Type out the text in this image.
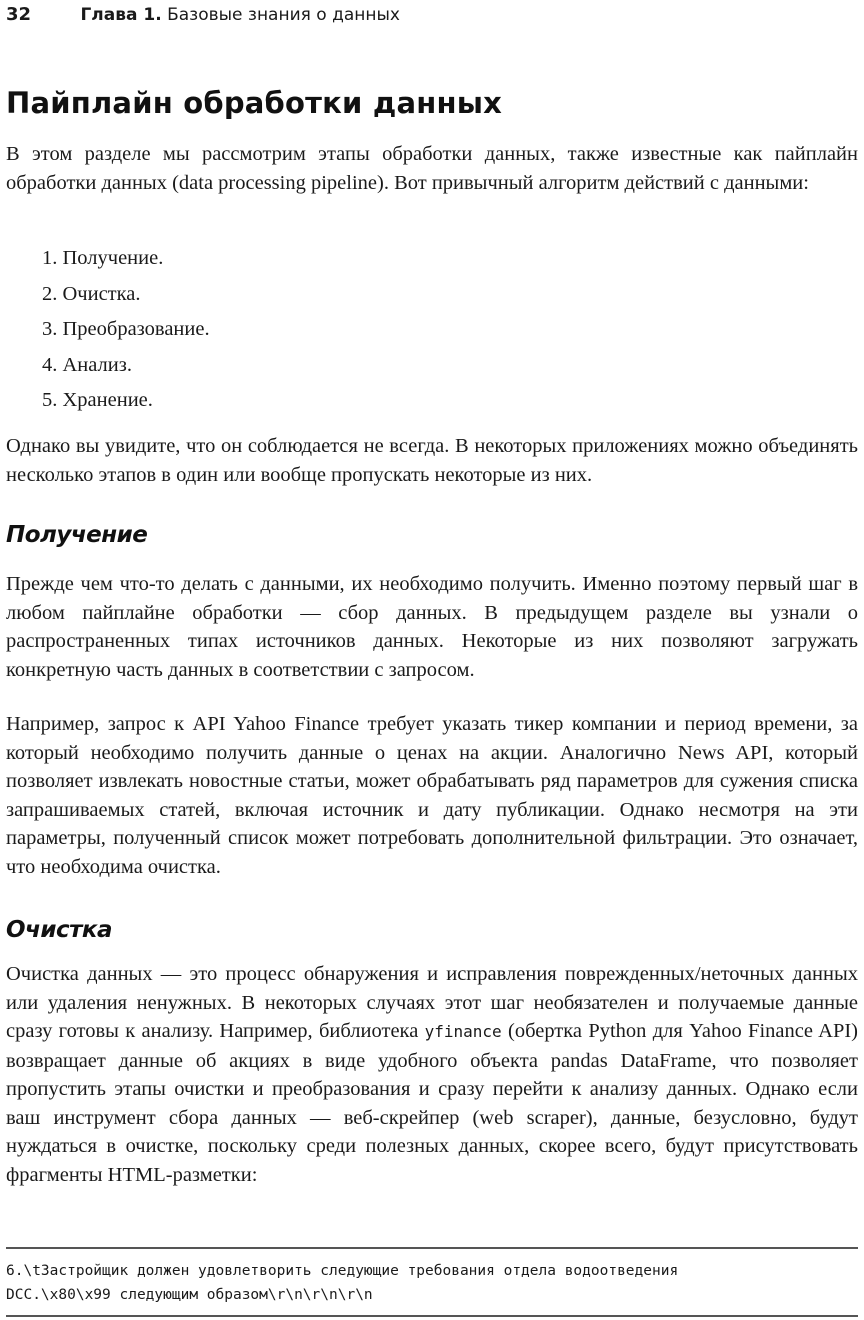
32	Глава 1. Базовые знания о данных
Пайплайн обработки данных

В этом разделе мы рассмотрим этапы обработки данных, также известные как пайплайн обработки данных (data processing pipeline). Вот привычный алгоритм действий с данными:

1. Получение.
2. Очистка.
3. Преобразование.
4. Анализ.
5. Хранение.

Однако вы увидите, что он соблюдается не всегда. В некоторых приложениях можно объединять несколько этапов в один или вообще пропускать некоторые из них.

Получение

Прежде чем что-то делать с данными, их необходимо получить. Именно поэтому первый шаг в любом пайплайне обработки — сбор данных. В предыдущем разделе вы узнали о распространенных типах источников данных. Некоторые из них позволяют загружать конкретную часть данных в соответствии с запросом.

Например, запрос к API Yahoo Finance требует указать тикер компании и период времени, за который необходимо получить данные о ценах на акции. Аналогично News API, который позволяет извлекать новостные статьи, может обрабатывать ряд параметров для сужения списка запрашиваемых статей, включая источник и дату публикации. Однако несмотря на эти параметры, полученный список может потребовать дополнительной фильтрации. Это означает, что необходима очистка.

Очистка

Очистка данных — это процесс обнаружения и исправления поврежденных/неточных данных или удаления ненужных. В некоторых случаях этот шаг необязателен и получаемые данные сразу готовы к анализу. Например, библиотека yfinance (обертка Python для Yahoo Finance API) возвращает данные об акциях в виде удобного объекта pandas DataFrame, что позволяет пропустить этапы очистки и преобразования и сразу перейти к анализу данных. Однако если ваш инструмент сбора данных — веб-скрейпер (web scraper), данные, безусловно, будут нуждаться в очистке, поскольку среди полезных данных, скорее всего, будут присутствовать фрагменты HTML-разметки:

6.\tЗастройщик должен удовлетворить следующие требования отдела водоотведения
DCC.\x80\x99 следующим образом\r\n\r\n\r\n
